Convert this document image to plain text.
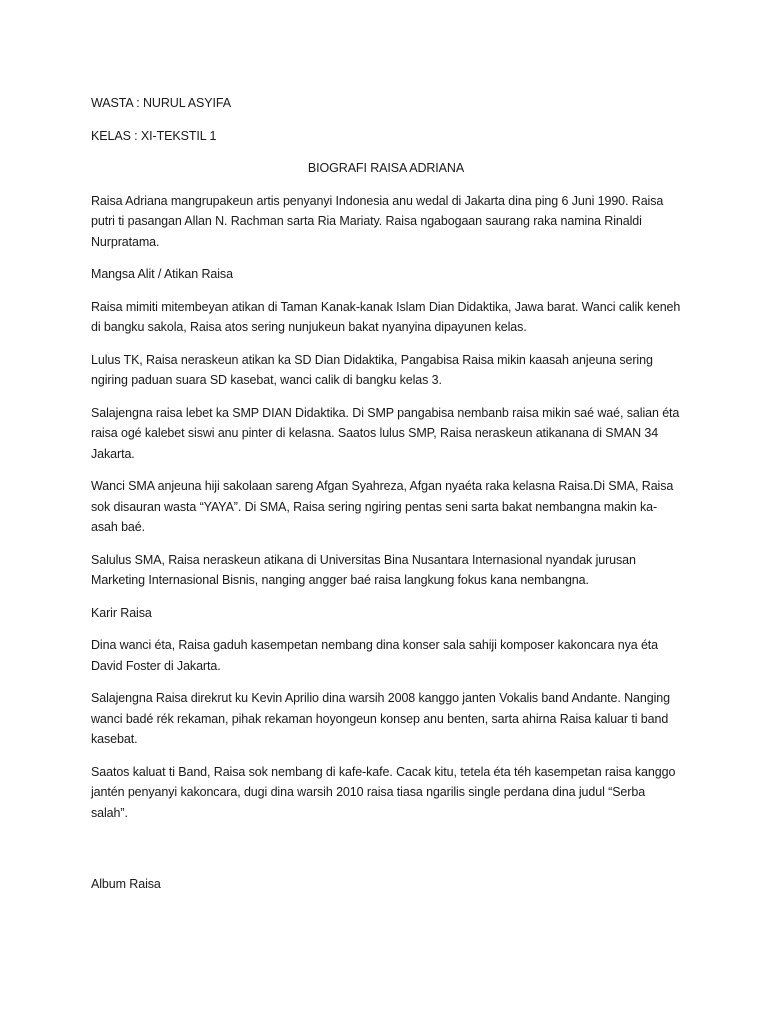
WASTA : NURUL ASYIFA

KELAS : XI-TEKSTIL 1

BIOGRAFI RAISA ADRIANA

Raisa Adriana mangrupakeun artis penyanyi Indonesia anu wedal di Jakarta dina ping 6 Juni 1990. Raisa putri ti pasangan Allan N. Rachman sarta Ria Mariaty. Raisa ngabogaan saurang raka namina Rinaldi Nurpratama.

Mangsa Alit / Atikan Raisa

Raisa mimiti mitembeyan atikan di Taman Kanak-kanak Islam Dian Didaktika, Jawa barat. Wanci calik keneh di bangku sakola, Raisa atos sering nunjukeun bakat nyanyina dipayunen kelas.

Lulus TK, Raisa neraskeun atikan ka SD Dian Didaktika, Pangabisa Raisa mikin kaasah anjeuna sering ngiring paduan suara SD kasebat, wanci calik di bangku kelas 3.

Salajengna raisa lebet ka SMP DIAN Didaktika. Di SMP pangabisa nembanb raisa mikin saé waé, salian éta raisa ogé kalebet siswi anu pinter di kelasna. Saatos lulus SMP, Raisa neraskeun atikanana di SMAN 34 Jakarta.

Wanci SMA anjeuna hiji sakolaan sareng Afgan Syahreza, Afgan nyaéta raka kelasna Raisa.Di SMA, Raisa sok disauran wasta “YAYA”. Di SMA, Raisa sering ngiring pentas seni sarta bakat nembangna makin ka-asah baé.

Salulus SMA, Raisa neraskeun atikana di Universitas Bina Nusantara Internasional nyandak jurusan Marketing Internasional Bisnis, nanging angger baé raisa langkung fokus kana nembangna.

Karir Raisa

Dina wanci éta, Raisa gaduh kasempetan nembang dina konser sala sahiji komposer kakoncara nya éta David Foster di Jakarta.

Salajengna Raisa direkrut ku Kevin Aprilio dina warsih 2008 kanggo janten Vokalis band Andante. Nanging wanci badé rék rekaman, pihak rekaman hoyongeun konsep anu benten, sarta ahirna Raisa kaluar ti band kasebat.

Saatos kaluat ti Band, Raisa sok nembang di kafe-kafe. Cacak kitu, tetela éta téh kasempetan raisa kanggo jantén penyanyi kakoncara, dugi dina warsih 2010 raisa tiasa ngarilis single perdana dina judul “Serba salah”.

Album Raisa
